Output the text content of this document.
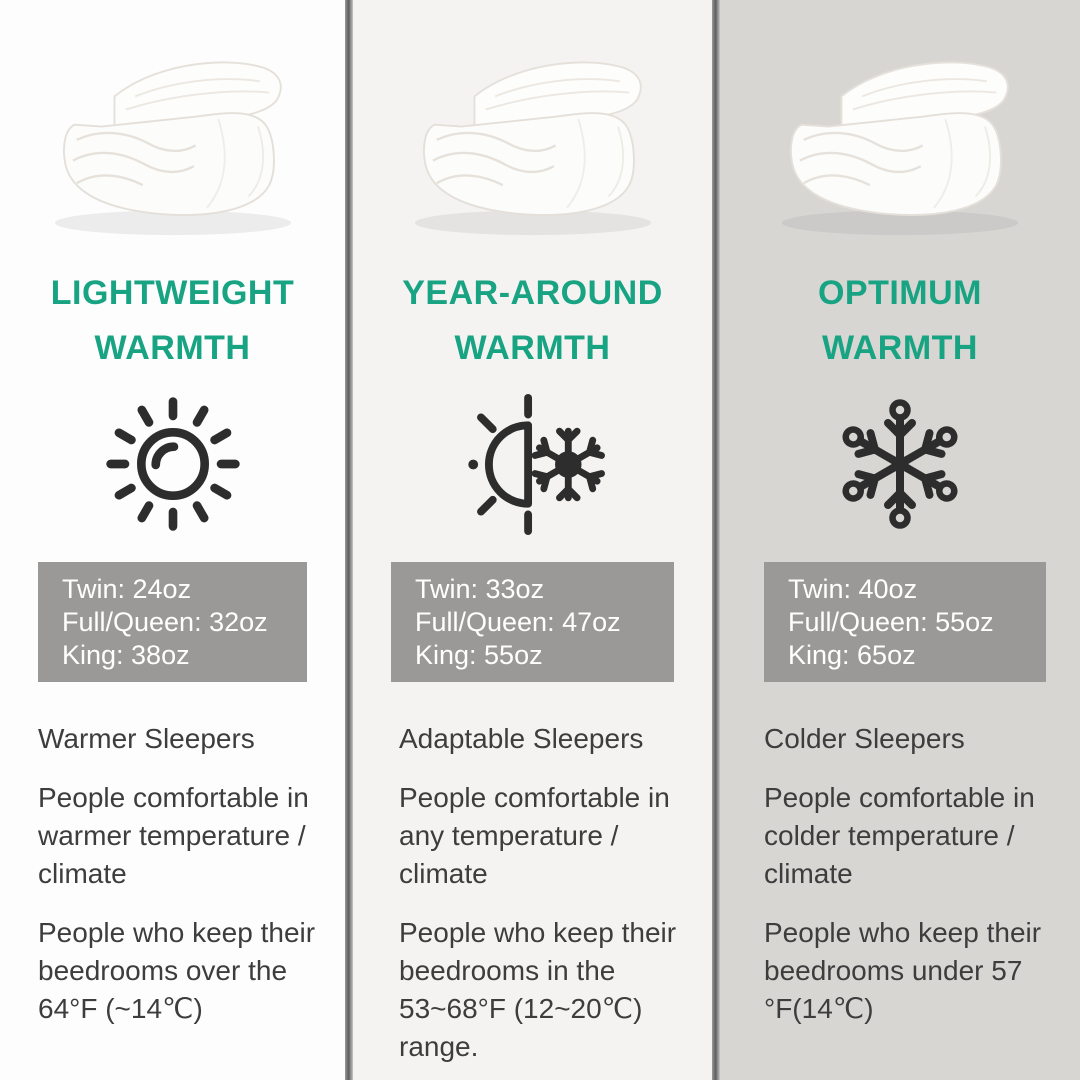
LIGHTWEIGHT
WARMTH
Twin: 24oz
Full/Queen: 32oz
King: 38oz
Warmer Sleepers
People comfortable in warmer temperature / climate
People who keep their beedrooms over the 64°F (~14℃)
YEAR-AROUND
WARMTH
Twin: 33oz
Full/Queen: 47oz
King: 55oz
Adaptable Sleepers
People comfortable in any temperature / climate
People who keep their beedrooms in the 53~68°F (12~20℃) range.
OPTIMUM
WARMTH
Twin: 40oz
Full/Queen: 55oz
King: 65oz
Colder Sleepers
People comfortable in colder temperature / climate
People who keep their beedrooms under 57 °F(14℃)
